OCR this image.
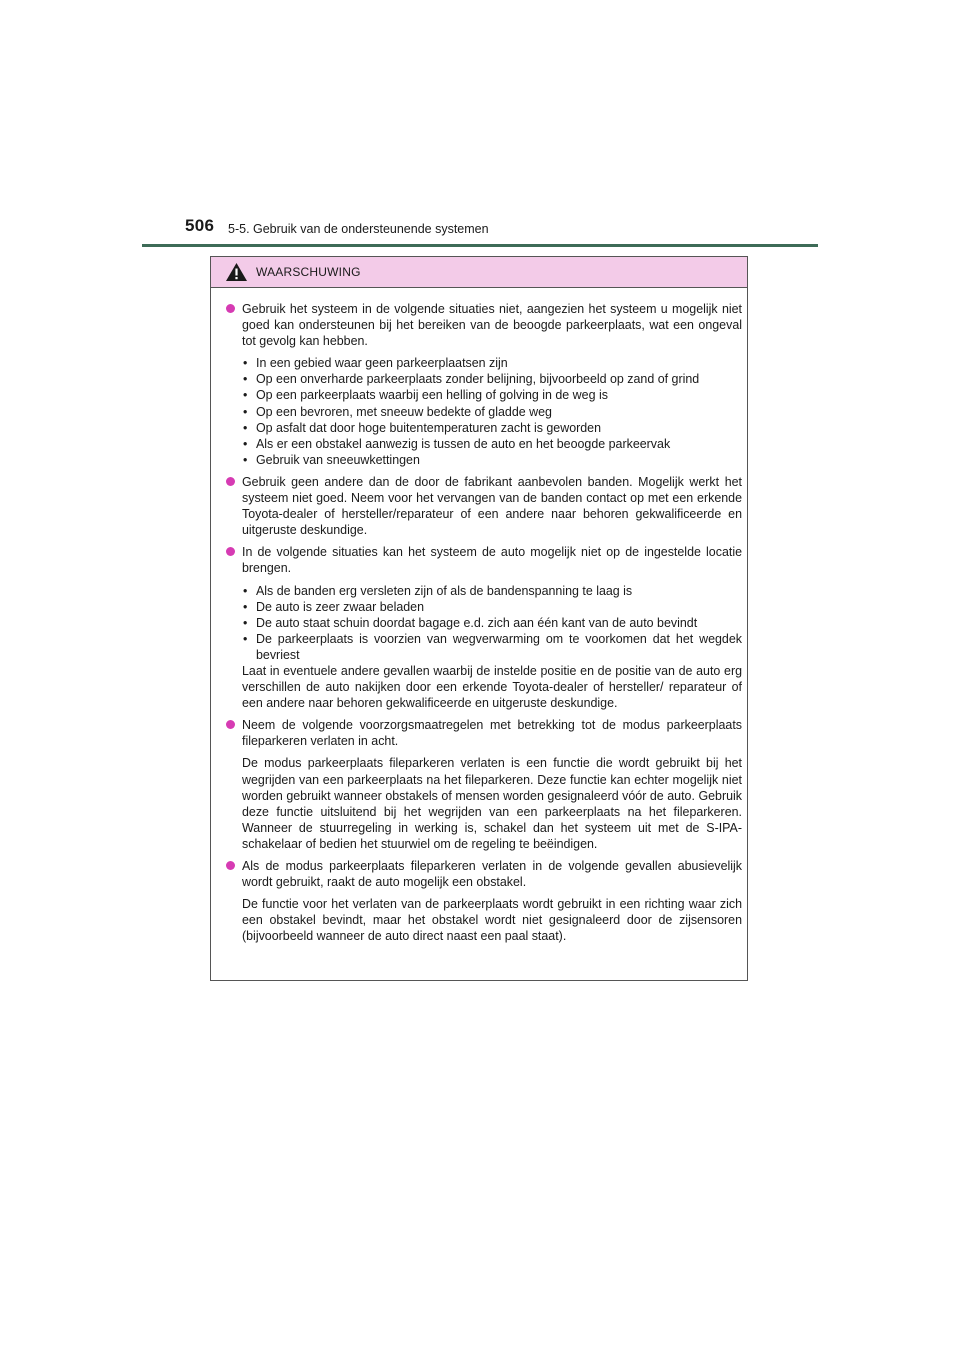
506 5-5. Gebruik van de ondersteunende systemen
WAARSCHUWING

Gebruik het systeem in de volgende situaties niet, aangezien het systeem u mogelijk niet goed kan ondersteunen bij het bereiken van de beoogde parkeerplaats, wat een ongeval tot gevolg kan hebben.

• In een gebied waar geen parkeerplaatsen zijn
• Op een onverharde parkeerplaats zonder belijning, bijvoorbeeld op zand of grind
• Op een parkeerplaats waarbij een helling of golving in de weg is
• Op een bevroren, met sneeuw bedekte of gladde weg
• Op asfalt dat door hoge buitentemperaturen zacht is geworden
• Als er een obstakel aanwezig is tussen de auto en het beoogde parkeervak
• Gebruik van sneeuwkettingen

Gebruik geen andere dan de door de fabrikant aanbevolen banden. Mogelijk werkt het systeem niet goed. Neem voor het vervangen van de banden contact op met een erkende Toyota-dealer of hersteller/reparateur of een andere naar behoren gekwalificeerde en uitgeruste deskundige.

In de volgende situaties kan het systeem de auto mogelijk niet op de ingestelde locatie brengen.

• Als de banden erg versleten zijn of als de bandenspanning te laag is
• De auto is zeer zwaar beladen
• De auto staat schuin doordat bagage e.d. zich aan één kant van de auto bevindt
• De parkeerplaats is voorzien van wegverwarming om te voorkomen dat het wegdek bevriest

Laat in eventuele andere gevallen waarbij de instelde positie en de positie van de auto erg verschillen de auto nakijken door een erkende Toyota-dealer of hersteller/ reparateur of een andere naar behoren gekwalificeerde en uitgeruste deskundige.

Neem de volgende voorzorgsmaatregelen met betrekking tot de modus parkeerplaats fileparkeren verlaten in acht.

De modus parkeerplaats fileparkeren verlaten is een functie die wordt gebruikt bij het wegrijden van een parkeerplaats na het fileparkeren. Deze functie kan echter mogelijk niet worden gebruikt wanneer obstakels of mensen worden gesignaleerd vóór de auto. Gebruik deze functie uitsluitend bij het wegrijden van een parkeerplaats na het fileparkeren. Wanneer de stuurregeling in werking is, schakel dan het systeem uit met de S-IPA-schakelaar of bedien het stuurwiel om de regeling te beëindigen.

Als de modus parkeerplaats fileparkeren verlaten in de volgende gevallen abusievelijk wordt gebruikt, raakt de auto mogelijk een obstakel.

De functie voor het verlaten van de parkeerplaats wordt gebruikt in een richting waar zich een obstakel bevindt, maar het obstakel wordt niet gesignaleerd door de zijsensoren (bijvoorbeeld wanneer de auto direct naast een paal staat).
